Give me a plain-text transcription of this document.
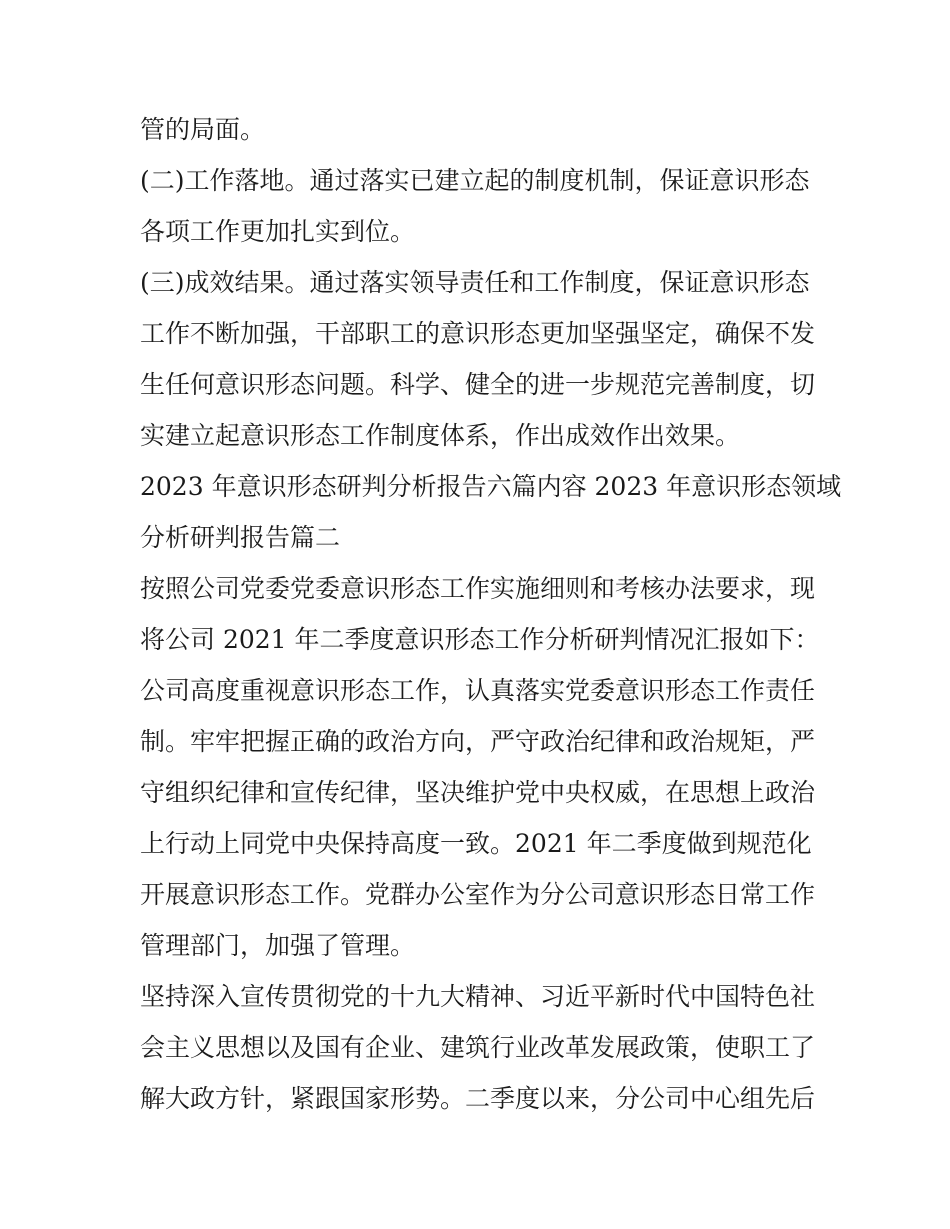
管的局面。
(二)工作落地。通过落实已建立起的制度机制，保证意识形态
各项工作更加扎实到位。
(三)成效结果。通过落实领导责任和工作制度，保证意识形态
工作不断加强，干部职工的意识形态更加坚强坚定，确保不发
生任何意识形态问题。科学、健全的进一步规范完善制度，切
实建立起意识形态工作制度体系，作出成效作出效果。
2023 年意识形态研判分析报告六篇内容 2023 年意识形态领域
分析研判报告篇二
按照公司党委党委意识形态工作实施细则和考核办法要求，现
将公司 2021 年二季度意识形态工作分析研判情况汇报如下：
公司高度重视意识形态工作，认真落实党委意识形态工作责任
制。牢牢把握正确的政治方向，严守政治纪律和政治规矩，严
守组织纪律和宣传纪律，坚决维护党中央权威，在思想上政治
上行动上同党中央保持高度一致。2021 年二季度做到规范化
开展意识形态工作。党群办公室作为分公司意识形态日常工作
管理部门，加强了管理。
坚持深入宣传贯彻党的十九大精神、习近平新时代中国特色社
会主义思想以及国有企业、建筑行业改革发展政策，使职工了
解大政方针，紧跟国家形势。二季度以来，分公司中心组先后
